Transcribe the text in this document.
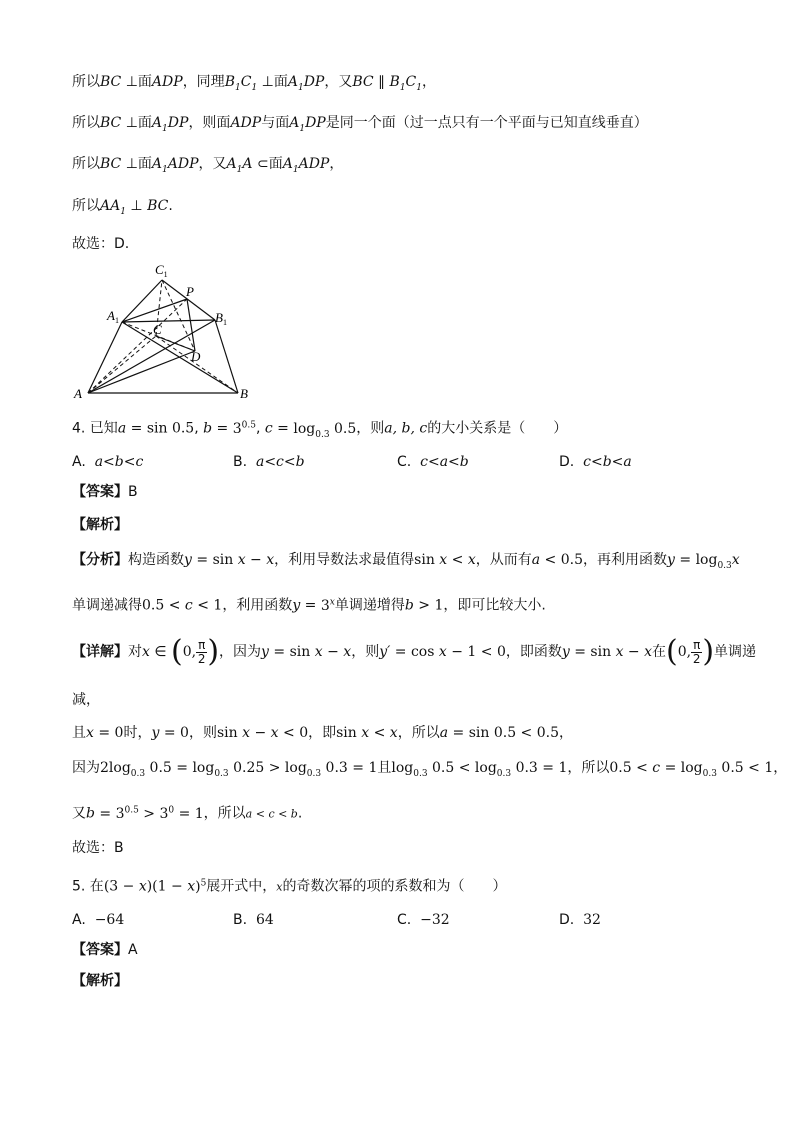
所以BC ⊥面ADP，同理$B_1C_1$ ⊥面$A_1DP$，又BC ∥ $B_1C_1$，
所以BC ⊥面$A_1DP$，则面ADP与面$A_1DP$是同一个面（过一点只有一个平面与已知直线垂直）
所以BC ⊥面$A_1ADP$，又$A_1A$ ⊂面$A_1ADP$，
所以$AA_1$ ⊥ BC.
故选：D.
$C_1$
P
$A_1$	$B_1$
C
D
A	B
4. 已知a = sin 0.5, $b = 3^{0.5}$, $c = \log_{0.3} 0.5$，则a, b, c的大小关系是（　　）
A. a<b<c	B. a<c<b	C. c<a<b	D. c<b<a
【答案】B
【解析】
【分析】构造函数y = sin x − x，利用导数法求最值得sin x < x，从而有a < 0.5，再利用函数$y = \log_{0.3}x$
单调递减得0.5 < c < 1，利用函数$y = 3^x$单调递增得b > 1，即可比较大小.
【详解】对x ∈ (0, $\frac{\pi}{2}$ )，因为y = sin x − x，则y′ = cos x − 1 < 0，即函数y = sin x − x在(0, $\frac{\pi}{2}$ )单调递
减，
且x = 0时，y = 0，则sin x − x < 0，即sin x < x，所以a = sin 0.5 < 0.5，
因为$2\log_{0.3}$ $0.5 = \log_{0.3} 0.25 > \log_{0.3} 0.3 = 1$且$\log_{0.3} 0.5 < \log_{0.3} 0.3 = 1$，所以$0.5 < c = \log_{0.3} 0.5 < 1$，
又$b = 3^{0.5} > 3^0 = 1$，所以a < c < b.
故选：B
5. 在$(3 - x)(1 - x)^5$展开式中，x的奇数次幂的项的系数和为（　　）
A. −64	B. 64	C. −32	D. 32
【答案】A
【解析】
